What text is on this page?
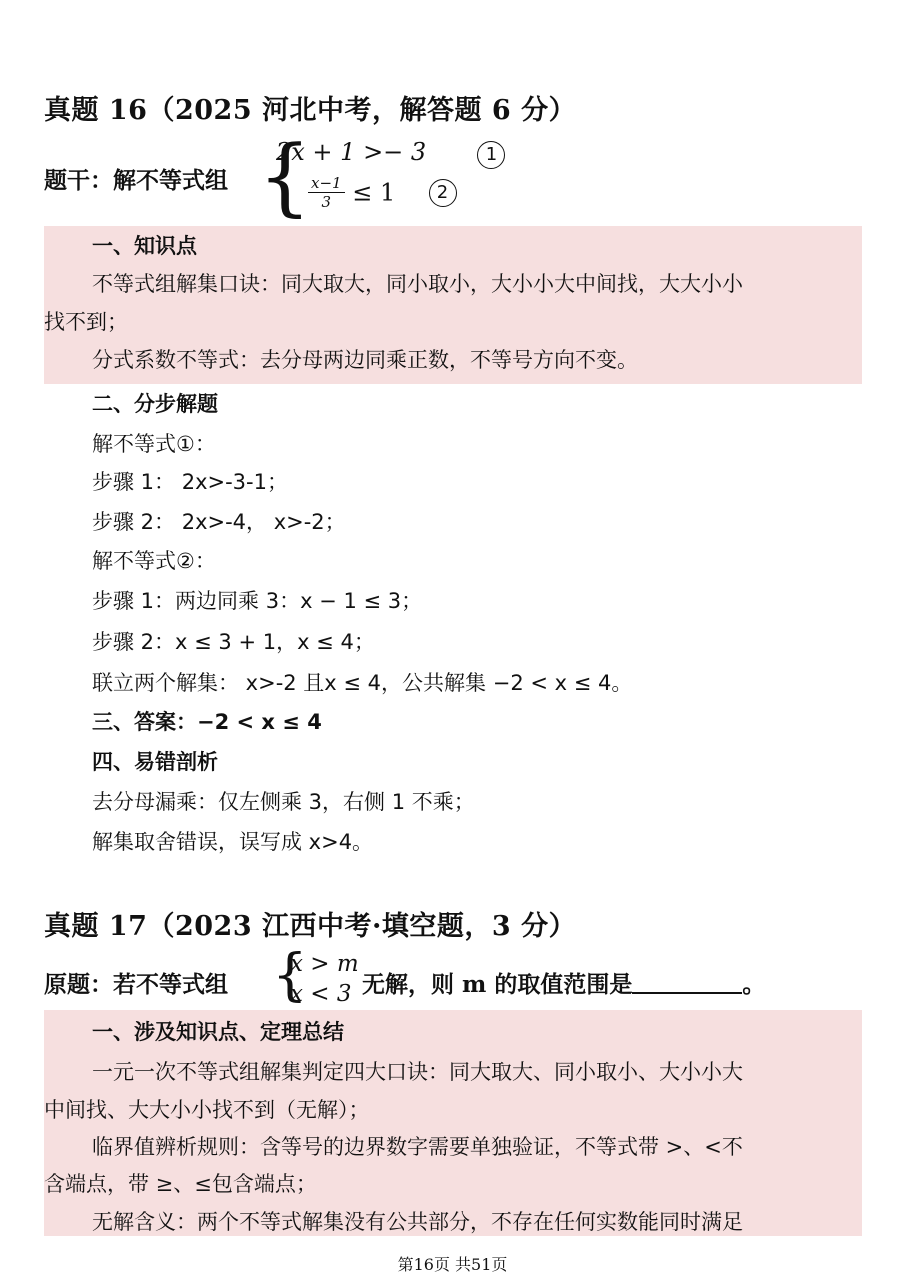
真题 16（2025 河北中考，解答题 6 分）
题干：解不等式组 {
2x + 1 >− 3	1
$\frac{x-1}{3} \le 1$ 2
一、知识点
不等式组解集口诀：同大取大，同小取小，大小小大中间找，大大小小
找不到；
分式系数不等式：去分母两边同乘正数，不等号方向不变。
二、分步解题
解不等式①：
步骤 1： 2x>-3-1；
步骤 2： 2x>-4， x>-2；
解不等式②：
步骤 1：两边同乘 3：x − 1 ≤ 3；
步骤 2：x ≤ 3 + 1，x ≤ 4；
联立两个解集： x>-2 且x ≤ 4，公共解集 −2 < x ≤ 4。
三、答案：−2 < x ≤ 4
四、易错剖析
去分母漏乘：仅左侧乘 3，右侧 1 不乘；
解集取舍错误，误写成 x>4。
真题 17（2023 江西中考·填空题，3 分）
原题：若不等式组 {
x > m
x < 3 无解，则 m 的取值范围是	。
一、涉及知识点、定理总结
一元一次不等式组解集判定四大口诀：同大取大、同小取小、大小小大
中间找、大大小小找不到（无解）；
临界值辨析规则：含等号的边界数字需要单独验证，不等式带 >、<不
含端点，带 ≥、≤包含端点；
无解含义：两个不等式解集没有公共部分，不存在任何实数能同时满足
第16页 共51页
